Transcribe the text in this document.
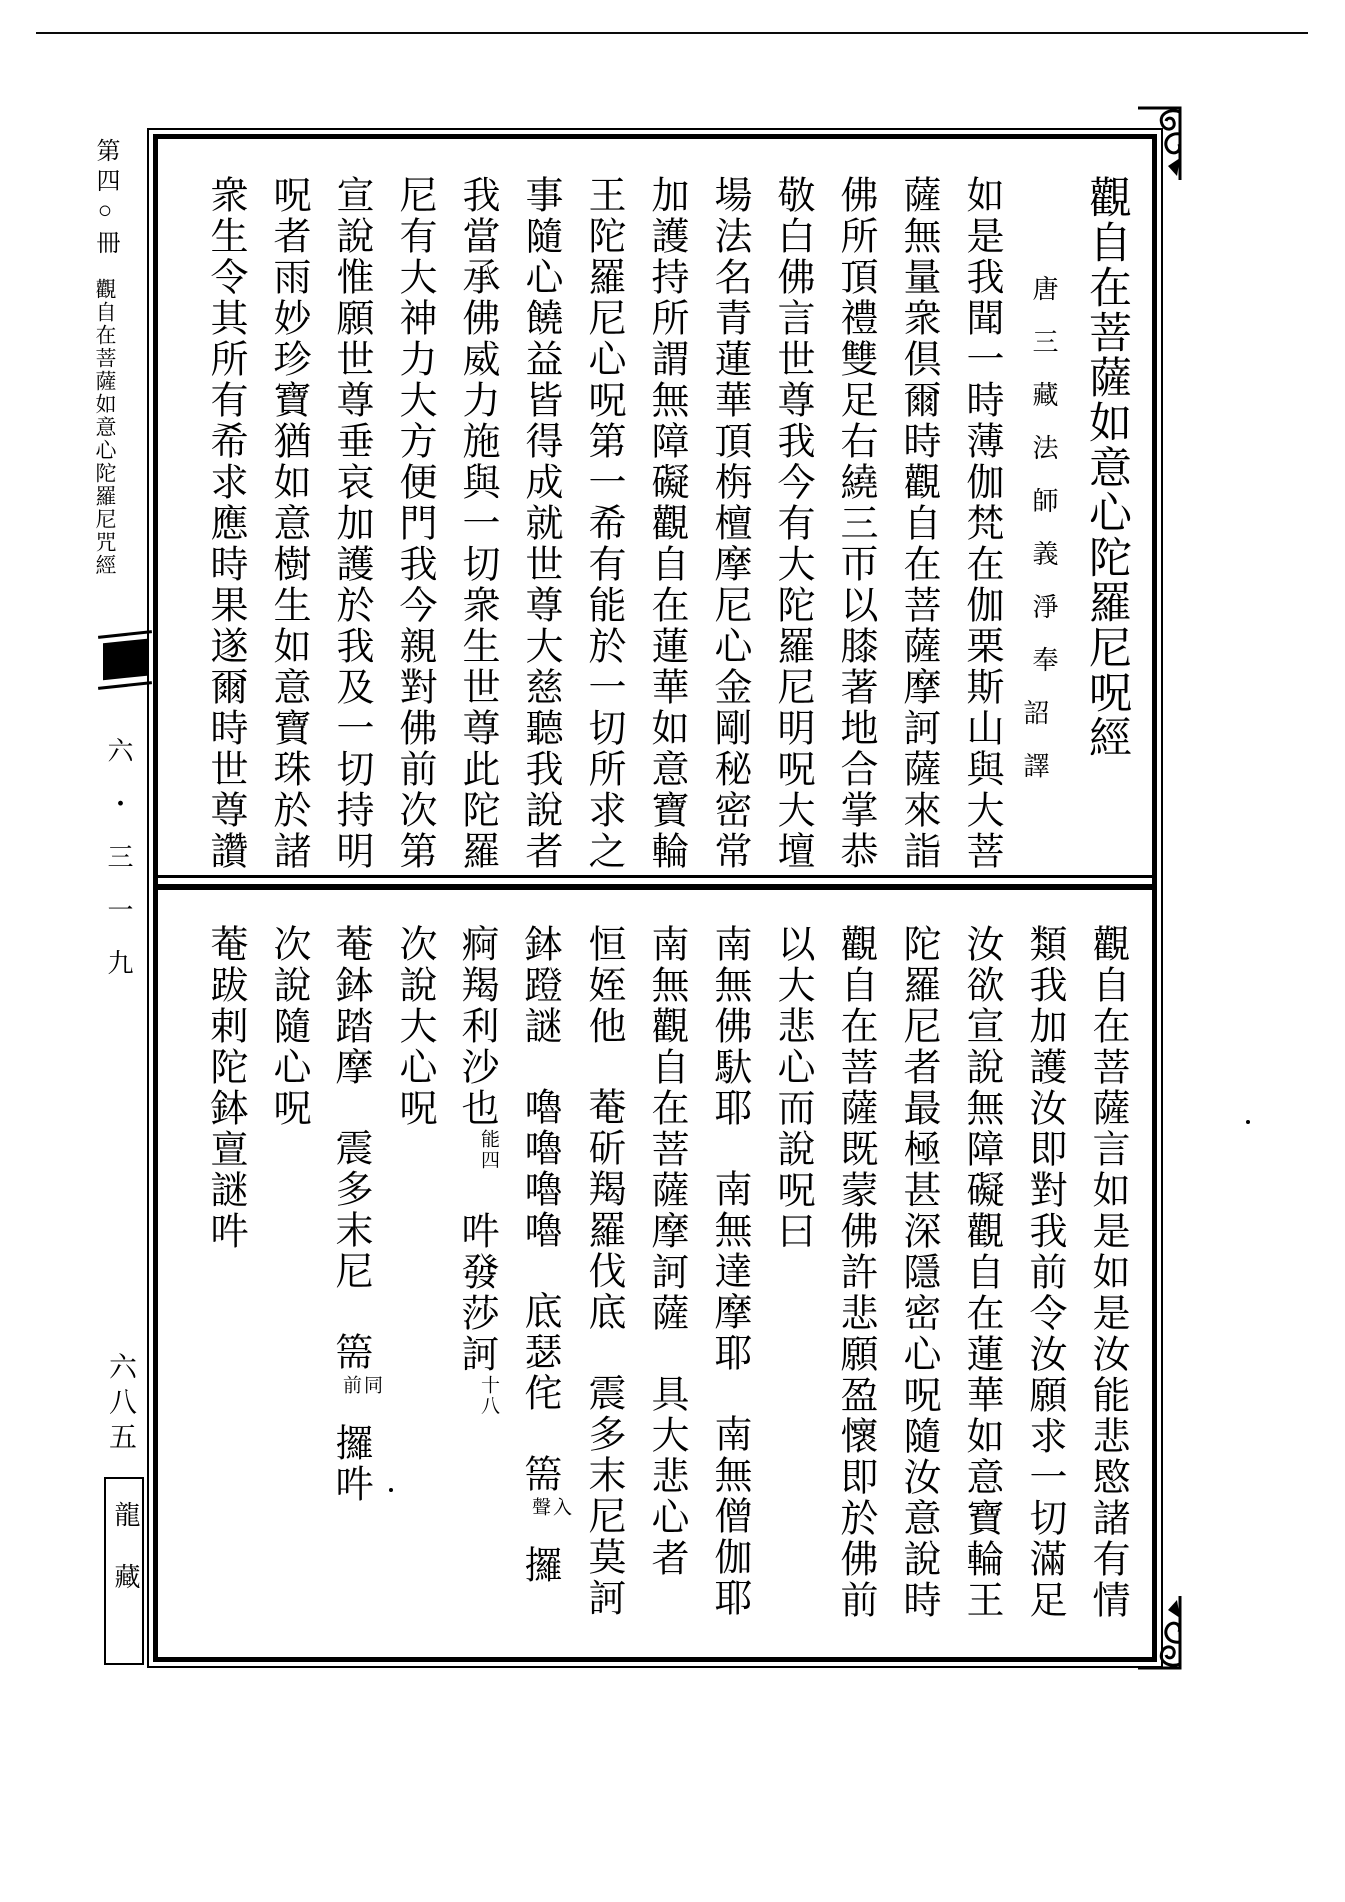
第四○冊觀自在菩薩如意心陀羅尼咒經
六・三一九
六八五
龍藏
觀自在菩薩如意心陀羅尼呪經
唐三藏法師義淨奉詔譯
如是我聞一時薄伽梵在伽栗斯山與大菩
薩無量衆倶爾時觀自在菩薩摩訶薩來詣
佛所頂禮雙足右繞三帀以膝著地合掌恭
敬白佛言世尊我今有大陀羅尼明呪大壇
場法名青蓮華頂栴檀摩尼心金剛秘密常
加護持所謂無障礙觀自在蓮華如意寶輪
王陀羅尼心呪第一希有能於一切所求之
事隨心饒益皆得成就世尊大慈聽我說者
我當承佛威力施與一切衆生世尊此陀羅
尼有大神力大方便門我今親對佛前次第
宣說惟願世尊垂哀加護於我及一切持明
呪者雨妙珍寶猶如意樹生如意寶珠於諸
衆生令其所有希求應時果遂爾時世尊讚
觀自在菩薩言如是如是汝能悲愍諸有情
類我加護汝即對我前令汝願求一切滿足
汝欲宣說無障礙觀自在蓮華如意寶輪王
陀羅尼者最極甚深隱密心呪隨汝意說時
觀自在菩薩既蒙佛許悲願盈懷即於佛前
以大悲心而說呪曰
南無佛馱耶南無達摩耶南無僧伽耶
南無觀自在菩薩摩訶薩具大悲心者
恒姪他菴斫羯羅伐底震多末尼莫訶
鉢蹬謎嚕嚕嚕嚕底瑟侘篅
入
聲
攞
痾羯利沙也能四吽發莎訶十八
次說大心呪
菴鉢踏摩震多末尼篅
同
前
攞吽
次說隨心呪
菴跋剌陀鉢亶謎吽
